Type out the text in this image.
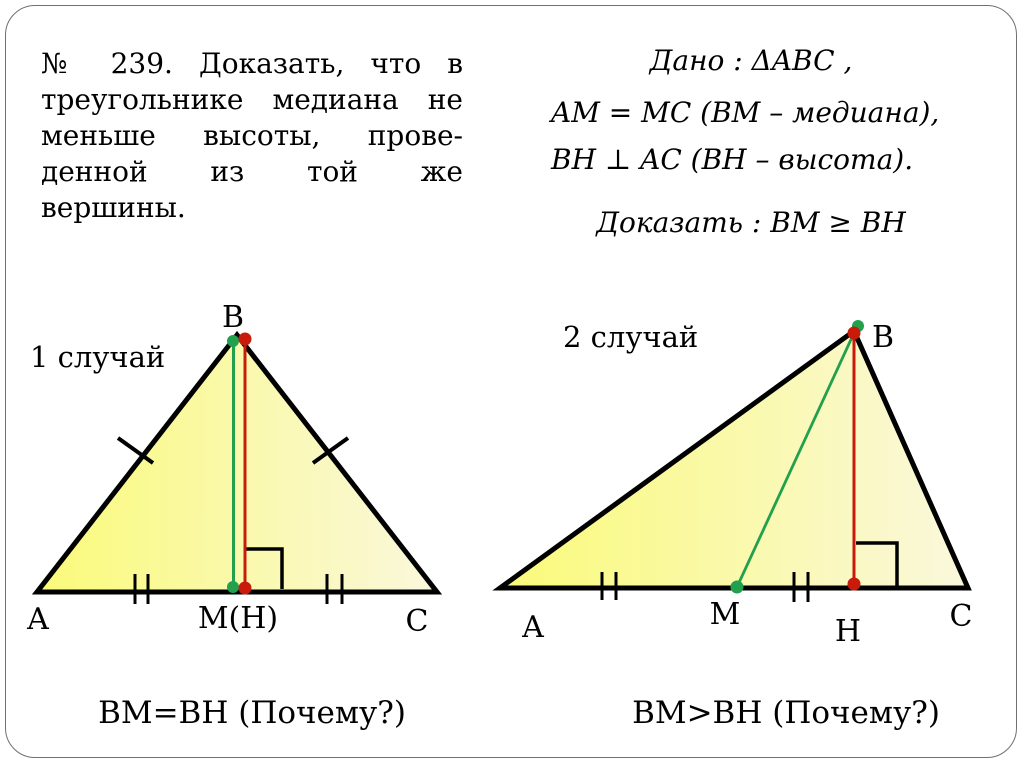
№ 239. Доказать, что в
треугольнике медиана не
меньше высоты, прове-
денной из той же
вершины.
Дано : ΔABC ,
AM = MC (BM – медиана),
BH ⊥ AC (BH – высота).
Доказать : BM ≥ BH
BM=BH (Почему?)	BM>BH (Почему?)
1 случай
B
A	C
M(H)
2 случай	B
A	C
M	H
